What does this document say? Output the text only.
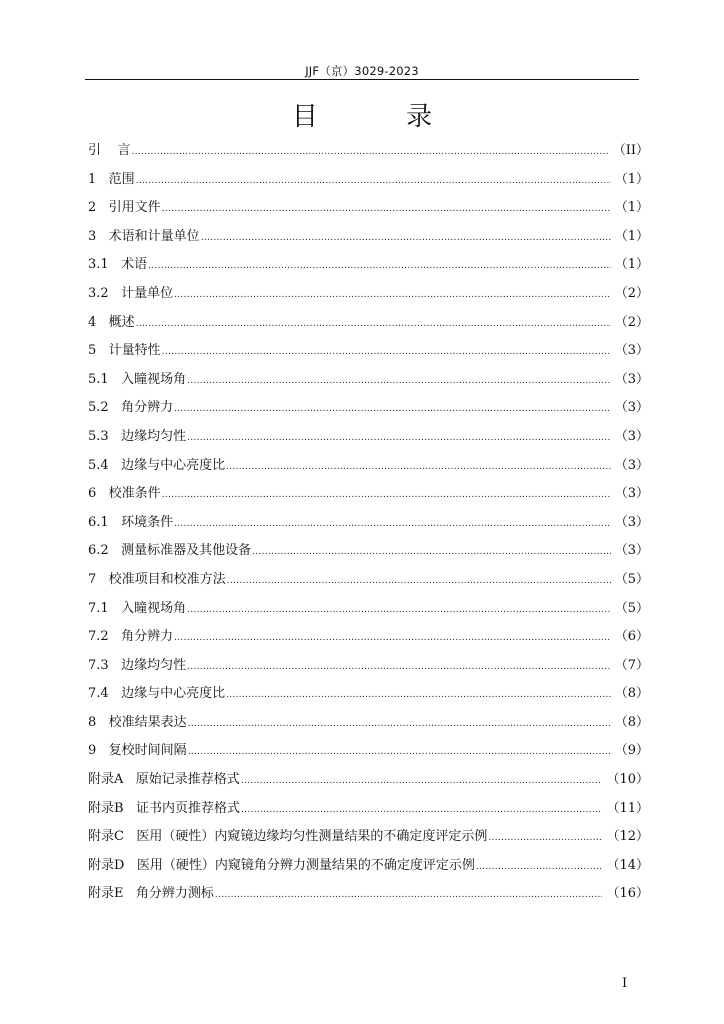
JJF（京）3029-2023
目 录
引 言 .....	（II）
1 范围 .....	（1）
2 引用文件 .....	（1）
3 术语和计量单位 .....	（1）
3.1 术语 .....	（1）
3.2 计量单位 .....	（2）
4 概述 .....	（2）
5 计量特性 .....	（3）
5.1 入瞳视场角 .....	（3）
5.2 角分辨力 .....	（3）
5.3 边缘均匀性 .....	（3）
5.4 边缘与中心亮度比 .....	（3）
6 校准条件 .....	（3）
6.1 环境条件 .....	（3）
6.2 测量标准器及其他设备 .....	（3）
7 校准项目和校准方法 .....	（5）
7.1 入瞳视场角 .....	（5）
7.2 角分辨力 .....	（6）
7.3 边缘均匀性 .....	（7）
7.4 边缘与中心亮度比 .....	（8）
8 校准结果表达 .....	（8）
9 复校时间间隔 .....	（9）
附录A 原始记录推荐格式 .....	（10）
附录B 证书内页推荐格式 .....	（11）
附录C 医用（硬性）内窥镜边缘均匀性测量结果的不确定度评定示例 .....	（12）
附录D 医用（硬性）内窥镜角分辨力测量结果的不确定度评定示例 .....	（14）
附录E 角分辨力测标 .....	（16）
I
